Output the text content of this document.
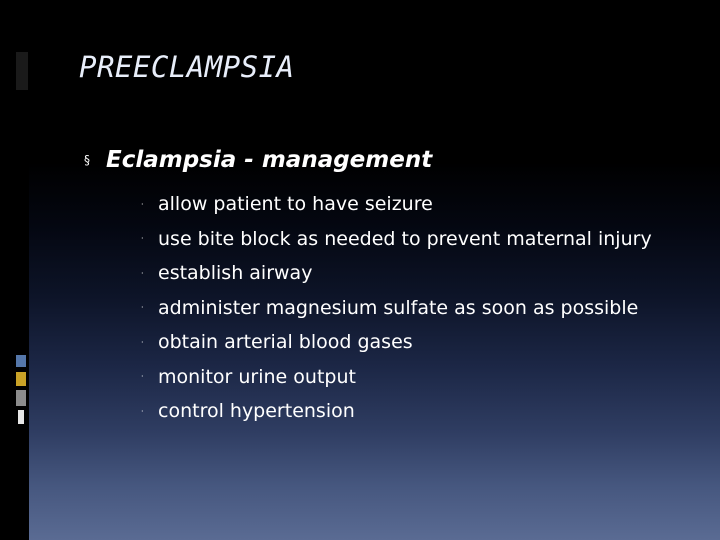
PREECLAMPSIA
§ Eclampsia - management
· allow patient to have seizure
· use bite block as needed to prevent maternal injury
· establish airway
· administer magnesium sulfate as soon as possible
· obtain arterial blood gases
· monitor urine output
· control hypertension
